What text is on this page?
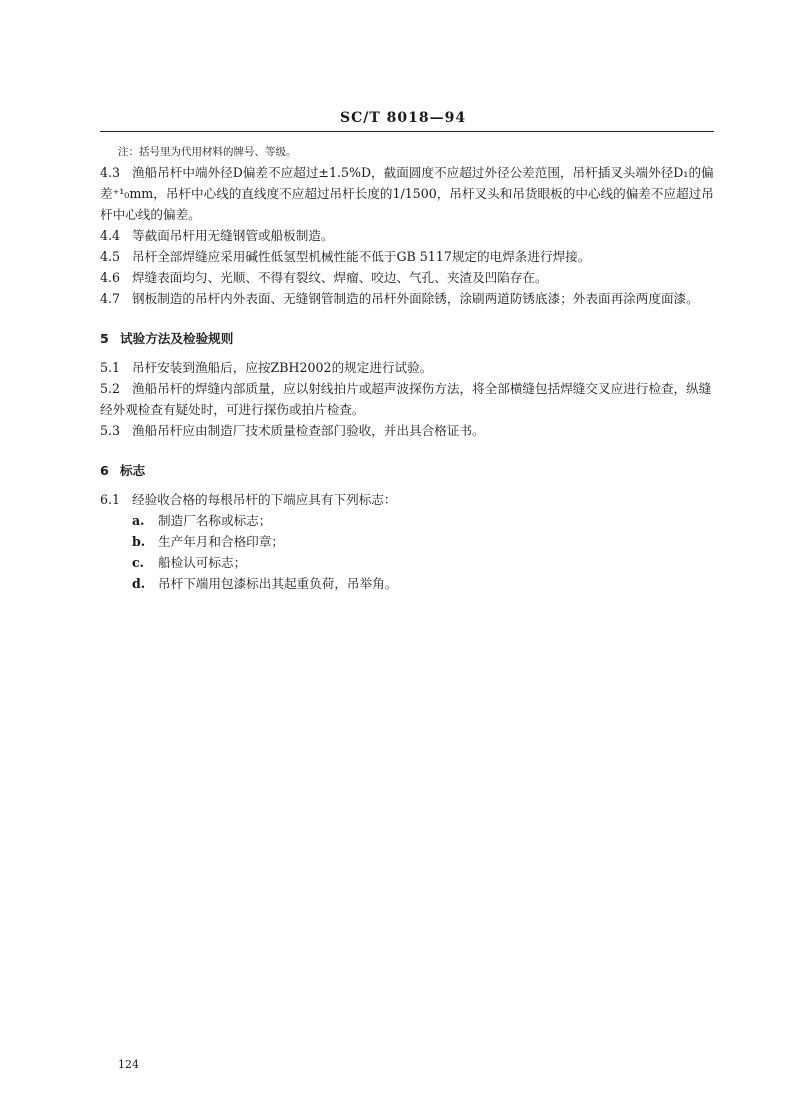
SC/T 8018—94

注：括号里为代用材料的牌号、等级。

4.3 渔船吊杆中端外径D偏差不应超过±1.5%D，截面圆度不应超过外径公差范围，吊杆插叉头端外径D₁的偏差⁺¹₀mm，吊杆中心线的直线度不应超过吊杆长度的1/1500，吊杆叉头和吊货眼板的中心线的偏差不应超过吊杆中心线的偏差。

4.4 等截面吊杆用无缝钢管或船板制造。

4.5 吊杆全部焊缝应采用碱性低氢型机械性能不低于GB 5117规定的电焊条进行焊接。

4.6 焊缝表面均匀、光顺、不得有裂纹、焊瘤、咬边、气孔、夹渣及凹陷存在。

4.7 钢板制造的吊杆内外表面、无缝钢管制造的吊杆外面除锈，涂刷两道防锈底漆；外表面再涂两度面漆。

5 试验方法及检验规则

5.1 吊杆安装到渔船后，应按ZBH2002的规定进行试验。

5.2 渔船吊杆的焊缝内部质量，应以射线拍片或超声波探伤方法，将全部横缝包括焊缝交叉应进行检查，纵缝经外观检查有疑处时，可进行探伤或拍片检查。

5.3 渔船吊杆应由制造厂技术质量检查部门验收，并出具合格证书。

6 标志

6.1 经验收合格的每根吊杆的下端应具有下列标志：

a. 制造厂名称或标志；

b. 生产年月和合格印章；

c. 船检认可标志；

d. 吊杆下端用包漆标出其起重负荷，吊举角。

124
